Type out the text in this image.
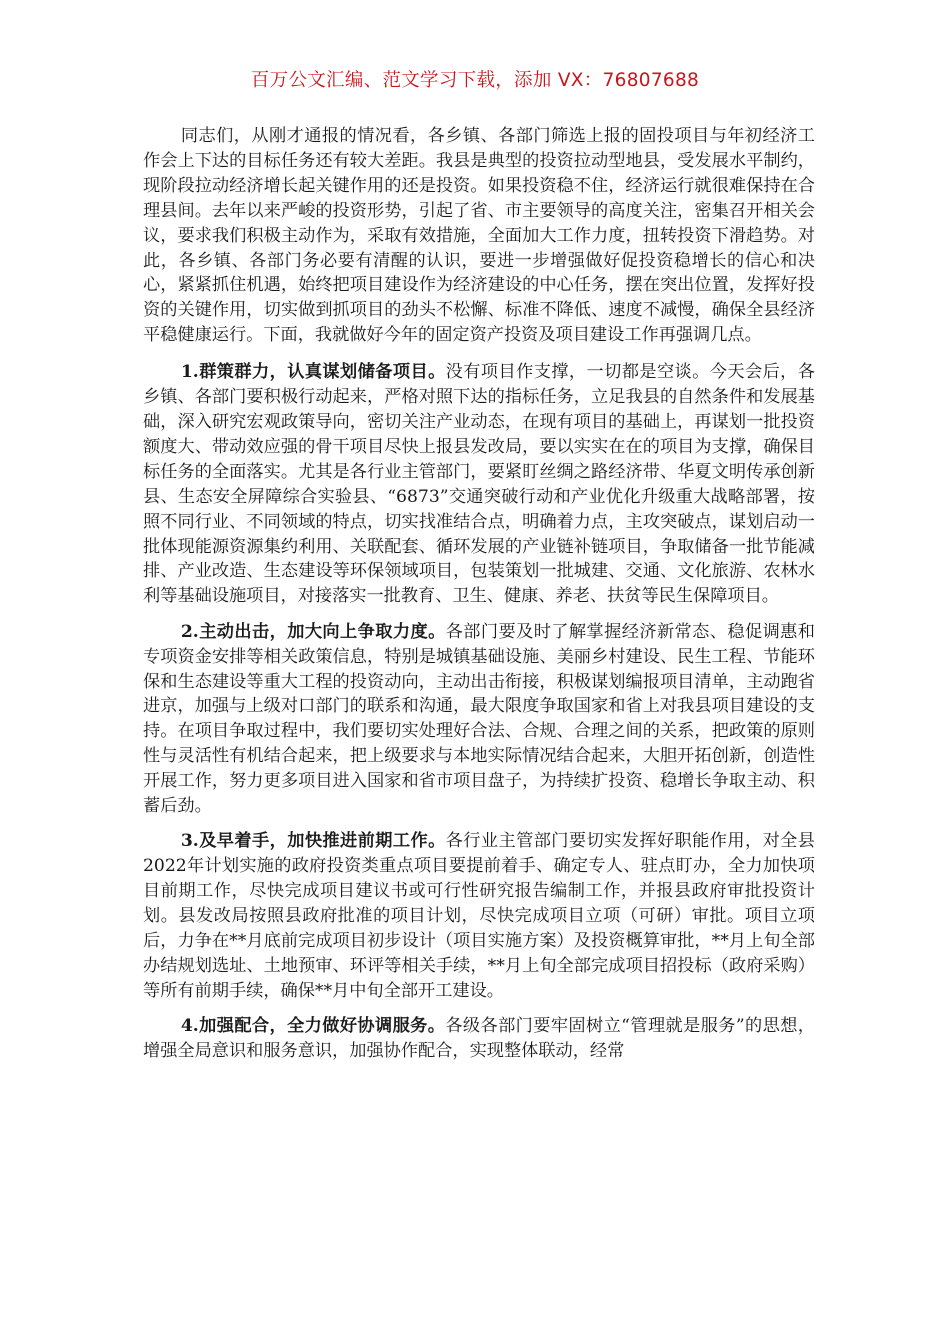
百万公文汇编、范文学习下载，添加 VX：76807688

同志们，从刚才通报的情况看，各乡镇、各部门筛选上报的固投项目与年初经济工作会上下达的目标任务还有较大差距。我县是典型的投资拉动型地县，受发展水平制约，现阶段拉动经济增长起关键作用的还是投资。如果投资稳不住，经济运行就很难保持在合理县间。去年以来严峻的投资形势，引起了省、市主要领导的高度关注，密集召开相关会议，要求我们积极主动作为，采取有效措施，全面加大工作力度，扭转投资下滑趋势。对此，各乡镇、各部门务必要有清醒的认识，要进一步增强做好促投资稳增长的信心和决心，紧紧抓住机遇，始终把项目建设作为经济建设的中心任务，摆在突出位置，发挥好投资的关键作用，切实做到抓项目的劲头不松懈、标准不降低、速度不减慢，确保全县经济平稳健康运行。下面，我就做好今年的固定资产投资及项目建设工作再强调几点。

1.群策群力，认真谋划储备项目。没有项目作支撑，一切都是空谈。今天会后，各乡镇、各部门要积极行动起来，严格对照下达的指标任务，立足我县的自然条件和发展基础，深入研究宏观政策导向，密切关注产业动态，在现有项目的基础上，再谋划一批投资额度大、带动效应强的骨干项目尽快上报县发改局，要以实实在在的项目为支撑，确保目标任务的全面落实。尤其是各行业主管部门，要紧盯丝绸之路经济带、华夏文明传承创新县、生态安全屏障综合实验县、“6873”交通突破行动和产业优化升级重大战略部署，按照不同行业、不同领域的特点，切实找准结合点，明确着力点，主攻突破点，谋划启动一批体现能源资源集约利用、关联配套、循环发展的产业链补链项目，争取储备一批节能减排、产业改造、生态建设等环保领域项目，包装策划一批城建、交通、文化旅游、农林水利等基础设施项目，对接落实一批教育、卫生、健康、养老、扶贫等民生保障项目。

2.主动出击，加大向上争取力度。各部门要及时了解掌握经济新常态、稳促调惠和专项资金安排等相关政策信息，特别是城镇基础设施、美丽乡村建设、民生工程、节能环保和生态建设等重大工程的投资动向，主动出击衔接，积极谋划编报项目清单，主动跑省进京，加强与上级对口部门的联系和沟通，最大限度争取国家和省上对我县项目建设的支持。在项目争取过程中，我们要切实处理好合法、合规、合理之间的关系，把政策的原则性与灵活性有机结合起来，把上级要求与本地实际情况结合起来，大胆开拓创新，创造性开展工作，努力更多项目进入国家和省市项目盘子，为持续扩投资、稳增长争取主动、积蓄后劲。

3.及早着手，加快推进前期工作。各行业主管部门要切实发挥好职能作用，对全县2022年计划实施的政府投资类重点项目要提前着手、确定专人、驻点盯办，全力加快项目前期工作，尽快完成项目建议书或可行性研究报告编制工作，并报县政府审批投资计划。县发改局按照县政府批准的项目计划，尽快完成项目立项（可研）审批。项目立项后，力争在**月底前完成项目初步设计（项目实施方案）及投资概算审批，**月上旬全部办结规划选址、土地预审、环评等相关手续，**月上旬全部完成项目招投标（政府采购）等所有前期手续，确保**月中旬全部开工建设。

4.加强配合，全力做好协调服务。各级各部门要牢固树立“管理就是服务”的思想，增强全局意识和服务意识，加强协作配合，实现整体联动，经常
